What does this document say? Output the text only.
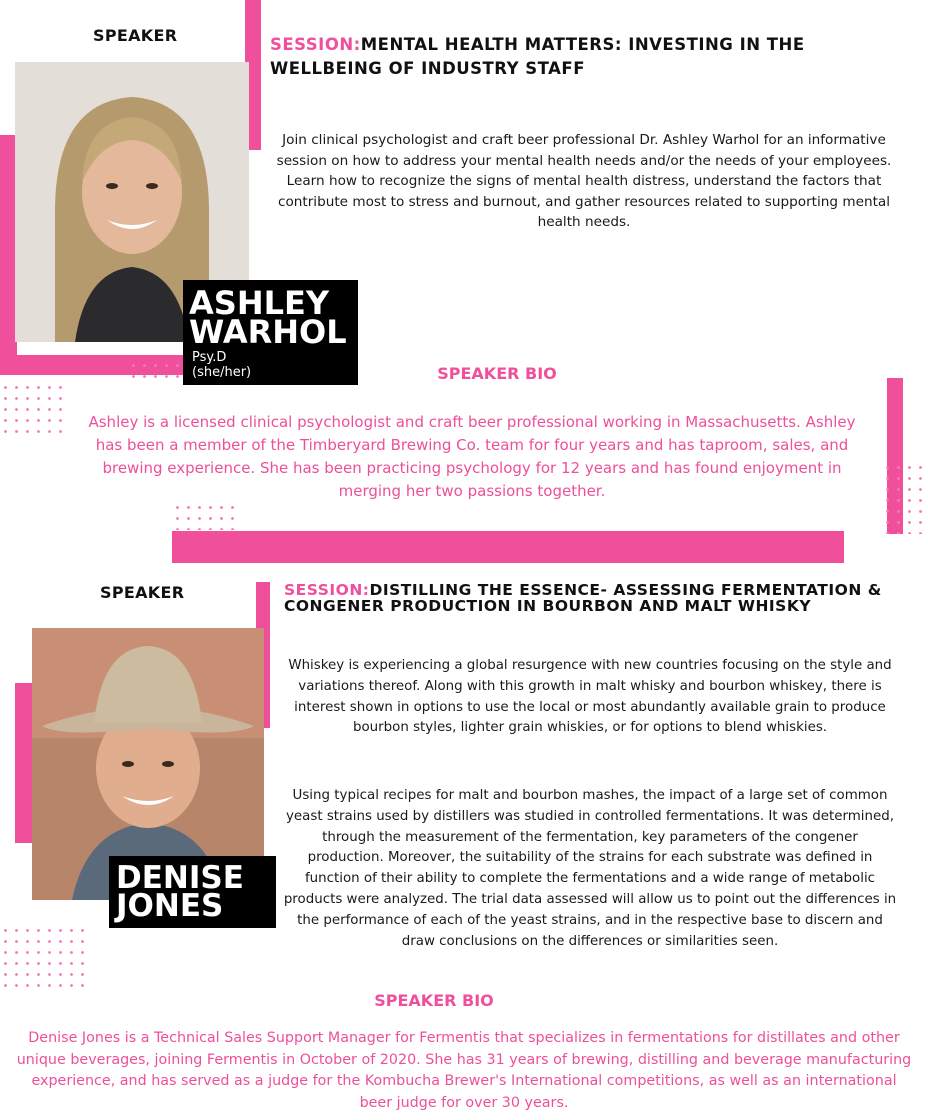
SPEAKER
ASHLEY
WARHOL
Psy.D
(she/her)
SESSION:MENTAL HEALTH MATTERS: INVESTING IN THE WELLBEING OF INDUSTRY STAFF
Join clinical psychologist and craft beer professional Dr. Ashley Warhol for an informative session on how to address your mental health needs and/or the needs of your employees. Learn how to recognize the signs of mental health distress, understand the factors that contribute most to stress and burnout, and gather resources related to supporting mental health needs.
SPEAKER BIO
Ashley is a licensed clinical psychologist and craft beer professional working in Massachusetts. Ashley has been a member of the Timberyard Brewing Co. team for four years and has taproom, sales, and brewing experience. She has been practicing psychology for 12 years and has found enjoyment in merging her two passions together.
SPEAKER
DENISE
JONES
SESSION:DISTILLING THE ESSENCE- ASSESSING FERMENTATION & CONGENER PRODUCTION IN BOURBON AND MALT WHISKY
Whiskey is experiencing a global resurgence with new countries focusing on the style and variations thereof. Along with this growth in malt whisky and bourbon whiskey, there is interest shown in options to use the local or most abundantly available grain to produce bourbon styles, lighter grain whiskies, or for options to blend whiskies.
Using typical recipes for malt and bourbon mashes, the impact of a large set of common yeast strains used by distillers was studied in controlled fermentations. It was determined, through the measurement of the fermentation, key parameters of the congener production. Moreover, the suitability of the strains for each substrate was defined in function of their ability to complete the fermentations and a wide range of metabolic products were analyzed. The trial data assessed will allow us to point out the differences in the performance of each of the yeast strains, and in the respective base to discern and draw conclusions on the differences or similarities seen.
SPEAKER BIO
Denise Jones is a Technical Sales Support Manager for Fermentis that specializes in fermentations for distillates and other unique beverages, joining Fermentis in October of 2020. She has 31 years of brewing, distilling and beverage manufacturing experience, and has served as a judge for the Kombucha Brewer's International competitions, as well as an international beer judge for over 30 years.
